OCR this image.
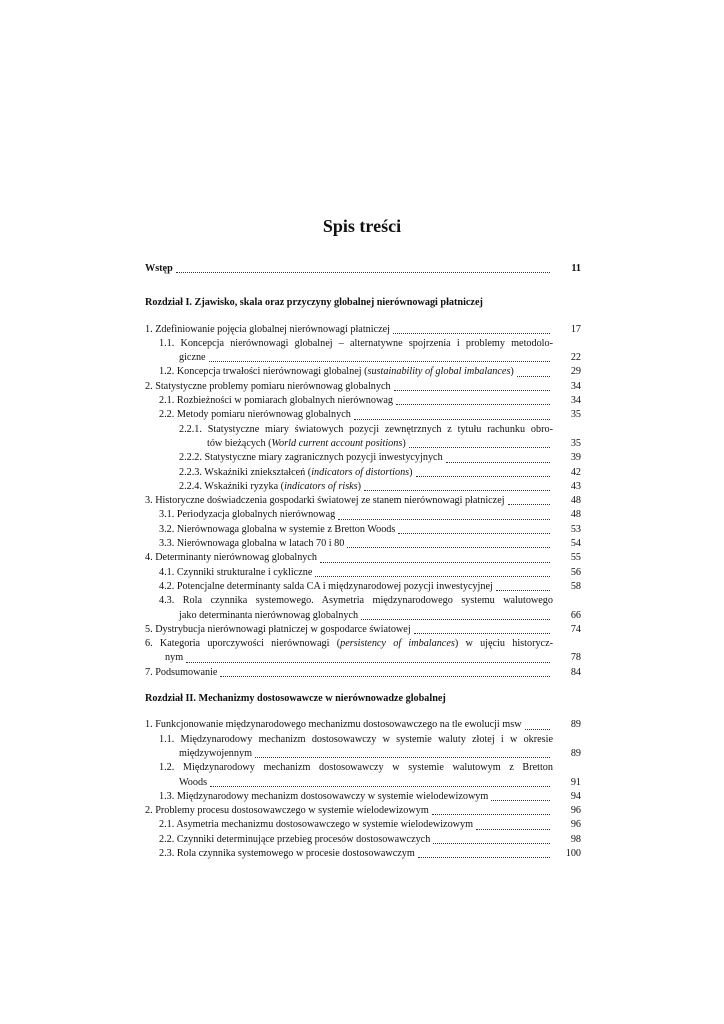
Spis treści
Wstęp	11
Rozdział I. Zjawisko, skala oraz przyczyny globalnej nierównowagi płatniczej
1. Zdefiniowanie pojęcia globalnej nierównowagi płatniczej	17
1.1. Koncepcja nierównowagi globalnej – alternatywne spojrzenia i problemy metodolo-
giczne	22
1.2. Koncepcja trwałości nierównowagi globalnej (sustainability of global imbalances)	29
2. Statystyczne problemy pomiaru nierównowag globalnych	34
2.1. Rozbieżności w pomiarach globalnych nierównowag	34
2.2. Metody pomiaru nierównowag globalnych	35
2.2.1. Statystyczne miary światowych pozycji zewnętrznych z tytułu rachunku obro-
tów bieżących (World current account positions)	35
2.2.2. Statystyczne miary zagranicznych pozycji inwestycyjnych	39
2.2.3. Wskaźniki zniekształceń (indicators of distortions)	42
2.2.4. Wskaźniki ryzyka (indicators of risks)	43
3. Historyczne doświadczenia gospodarki światowej ze stanem nierównowagi płatniczej	48
3.1. Periodyzacja globalnych nierównowag	48
3.2. Nierównowaga globalna w systemie z Bretton Woods	53
3.3. Nierównowaga globalna w latach 70 i 80	54
4. Determinanty nierównowag globalnych	55
4.1. Czynniki strukturalne i cykliczne	56
4.2. Potencjalne determinanty salda CA i międzynarodowej pozycji inwestycyjnej	58
4.3. Rola czynnika systemowego. Asymetria międzynarodowego systemu walutowego
jako determinanta nierównowag globalnych	66
5. Dystrybucja nierównowagi płatniczej w gospodarce światowej	74
6. Kategoria uporczywości nierównowagi (persistency of imbalances) w ujęciu historycz-
nym	78
7. Podsumowanie	84
Rozdział II. Mechanizmy dostosowawcze w nierównowadze globalnej
1. Funkcjonowanie międzynarodowego mechanizmu dostosowawczego na tle ewolucji msw	89
1.1. Międzynarodowy mechanizm dostosowawczy w systemie waluty złotej i w okresie
międzywojennym	89
1.2. Międzynarodowy mechanizm dostosowawczy w systemie walutowym z Bretton
Woods	91
1.3. Międzynarodowy mechanizm dostosowawczy w systemie wielodewizowym	94
2. Problemy procesu dostosowawczego w systemie wielodewizowym	96
2.1. Asymetria mechanizmu dostosowawczego w systemie wielodewizowym	96
2.2. Czynniki determinujące przebieg procesów dostosowawczych	98
2.3. Rola czynnika systemowego w procesie dostosowawczym	100
